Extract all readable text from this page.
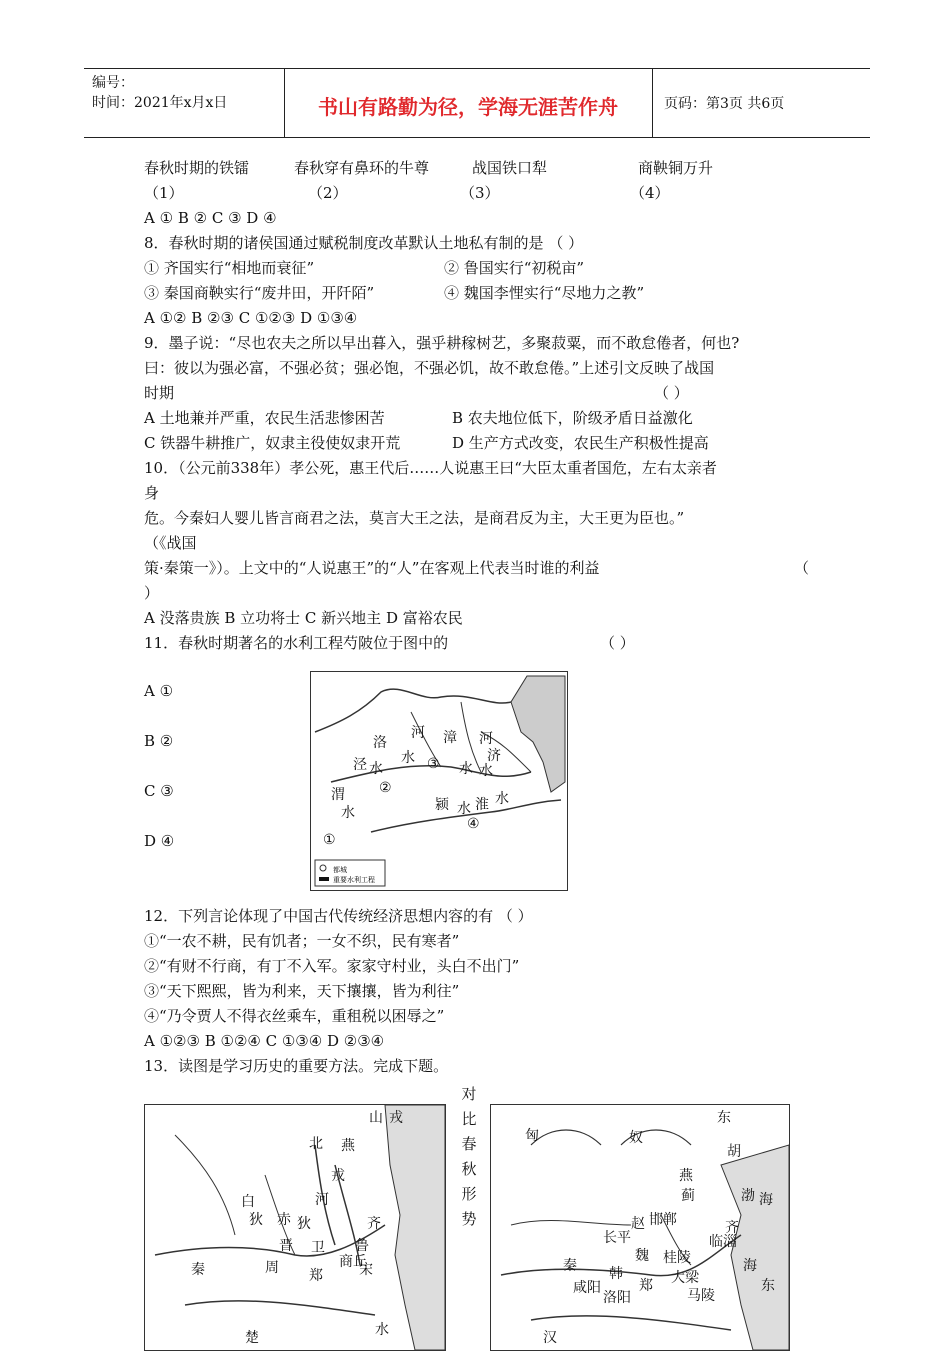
编号：
时间：2021年x月x日	书山有路勤为径，学海无涯苦作舟	页码：第3页 共6页
春秋时期的铁镭	春秋穿有鼻环的牛尊	战国铁口犁	商鞅铜万升
（1）	（2）	（3）	（4）
A ① B ② C ③ D ④
8．春秋时期的诸侯国通过赋税制度改革默认土地私有制的是 （ ）
① 齐国实行“相地而衰征”	② 鲁国实行“初税亩”
③ 秦国商鞅实行“废井田，开阡陌”	④ 魏国李悝实行“尽地力之教”
A ①② B ②③ C ①②③ D ①③④
9．墨子说：“尽也农夫之所以早出暮入，强乎耕稼树艺，多聚菽粟，而不敢怠倦者，何也?
曰：彼以为强必富，不强必贫；强必饱，不强必饥，故不敢怠倦。”上述引文反映了战国
时期	（ ）
A 土地兼并严重，农民生活悲惨困苦	B 农夫地位低下，阶级矛盾日益激化
C 铁器牛耕推广，奴隶主役使奴隶开荒	D 生产方式改变，农民生产积极性提高
10．（公元前338年）孝公死，惠王代后……人说惠王曰“大臣太重者国危，左右太亲者
身
危。今秦妇人婴儿皆言商君之法，莫言大王之法，是商君反为主，大王更为臣也。”
（《战国
策·秦策一》）。上文中的“人说惠王”的“人”在客观上代表当时谁的利益	（
）
A 没落贵族 B 立功将士 C 新兴地主 D 富裕农民
11．春秋时期著名的水利工程芍陂位于图中的	（ ）
A ①
B ②
C ③
D ④
都城
重要水利工程
洛
河 漳 河
泾 水
水	济
③ 水 水
渭
水	颍 水 淮 水
④
①
②
12．下列言论体现了中国古代传统经济思想内容的有 （ ）
①“一农不耕，民有饥者；一女不织，民有寒者”
②“有财不行商，有丁不入军。家家守村业，头白不出门”
③“天下熙熙，皆为利来，天下攘攘，皆为利往”
④“乃令贾人不得衣丝乘车，重租税以困辱之”
A ①②③ B ①②④ C ①③④ D ②③④
13．读图是学习历史的重要方法。完成下题。
对
比
春
秋
形
势
山 戎
北 燕
戎
白
狄
河
赤 狄	齐
晋 卫 鲁
秦	周 郑
商丘
宋
楚	水
东
匈	奴
胡
燕
蓟	渤 海
赵 邯郸	齐
临淄
长平
魏
大梁
秦 韩
咸阳
洛阳
郑
海
东
马陵
桂陵
汉
